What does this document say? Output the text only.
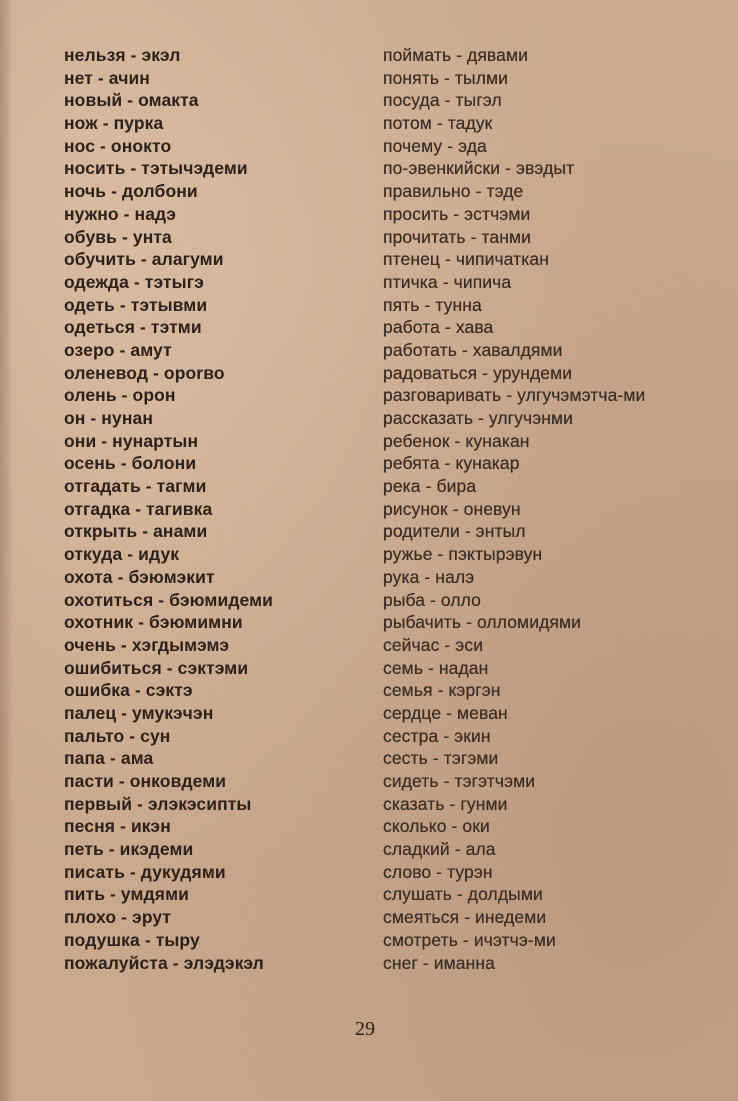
нельзя - экэл
нет - ачин
новый - омакта
нож - пурка
нос - онокто
носить - тэтычэдеми
ночь - долбони
нужно - надэ
обувь - унта
обучить - алагуми
одежда - тэтыгэ
одеть - тэтывми
одеться - тэтми
озеро - амут
оленевод - ороrво
олень - орон
он - нунан
они - нунартын
осень - болони
отгадать - тагми
отгадка - тагивка
открыть - анами
откуда - идук
охота - бэюмэкит
охотиться - бэюмидеми
охотник - бэюмимни
очень - хэгдымэмэ
ошибиться - сэктэми
ошибка - сэктэ
палец - умукэчэн
пальто - сун
папа - ама
пасти - онковдеми
первый - элэкэсипты
песня - икэн
петь - икэдеми
писать - дукудями
пить - умдями
плохо - эрут
подушка - тыру
пожалуйста - элэдэкэл
поймать - дявами
понять - тылми
посуда - тыгэл
потом - тадук
почему - эда
по-эвенкийски - эвэдыт
правильно - тэдe
просить - эстчэми
прочитать - танми
птенец - чипичаткан
птичка - чипича
пять - тунна
работа - хава
работать - хавалдями
радоваться - урундеми
разговаривать - улгучэмэтча-ми
рассказать - улгучэнми
ребенок - кунакан
ребята - кунакар
река - бира
рисунок - оневун
родители - энтыл
ружье - пэктырэвун
рука - налэ
рыба - олло
рыбачить - олломидями
сейчас - эси
семь - надан
семья - кэргэн
сердце - меван
сестра - экин
сесть - тэгэми
сидеть - тэгэтчэми
сказать - гунми
сколько - оки
сладкий - ала
слово - турэн
слушать - долдыми
смеяться - инедеми
смотреть - ичэтчэ-ми
снег - иманна
29
